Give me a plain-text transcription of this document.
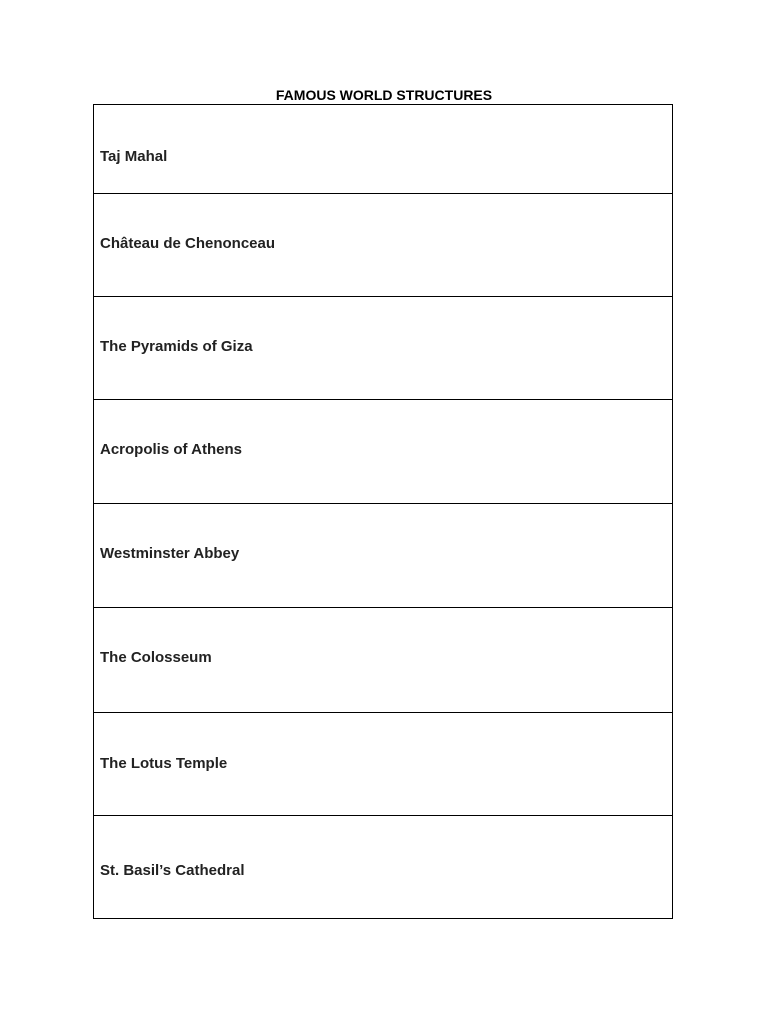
FAMOUS WORLD STRUCTURES
Taj Mahal
Château de Chenonceau
The Pyramids of Giza
Acropolis of Athens
Westminster Abbey
The Colosseum
The Lotus Temple
St. Basil’s Cathedral
